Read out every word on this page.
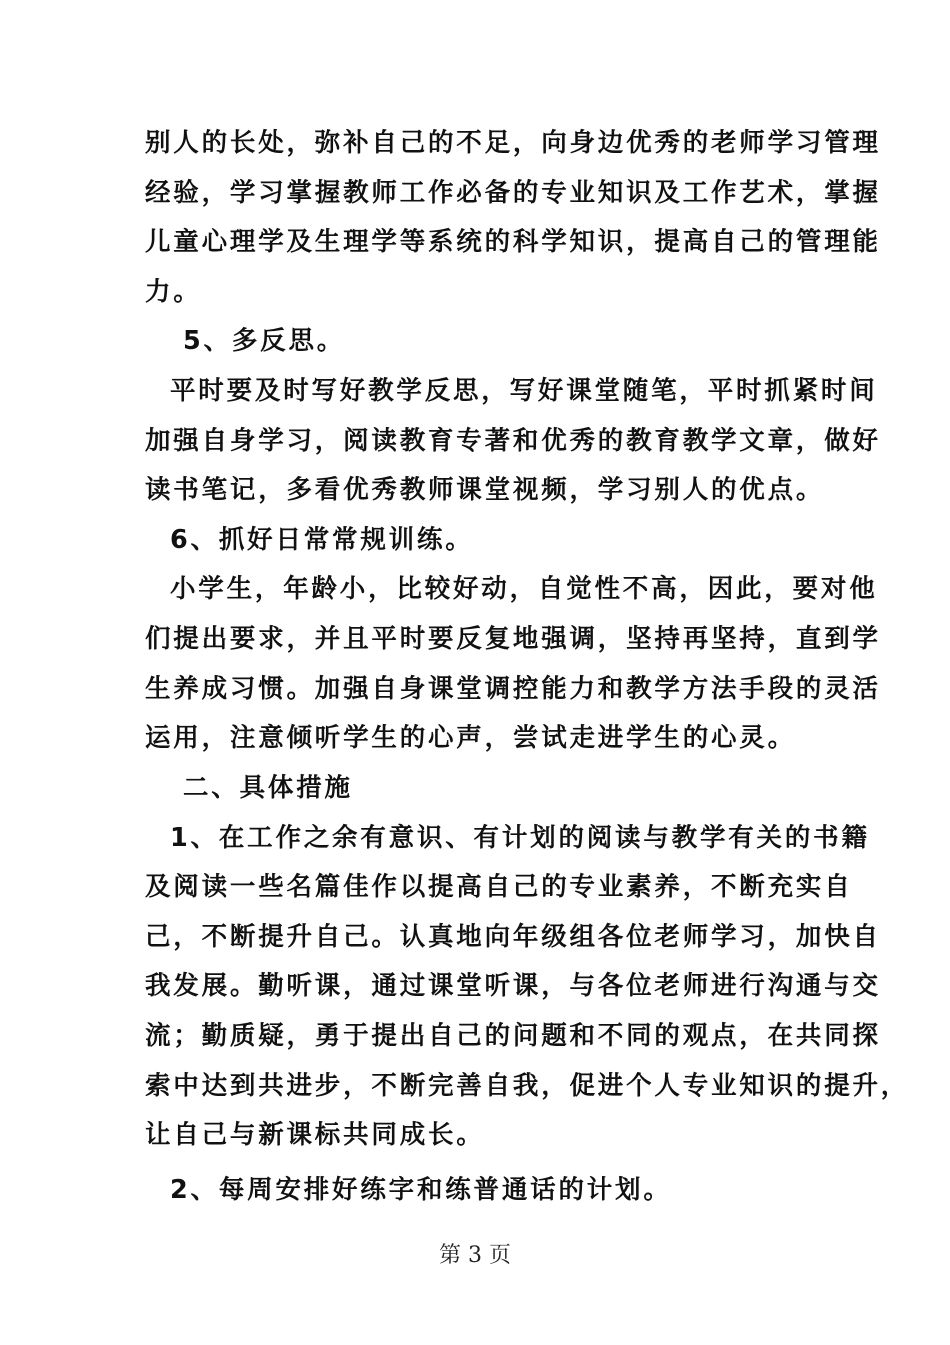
别人的长处，弥补自己的不足，向身边优秀的老师学习管理
经验，学习掌握教师工作必备的专业知识及工作艺术，掌握
儿童心理学及生理学等系统的科学知识，提高自己的管理能
力。
5、多反思。
平时要及时写好教学反思，写好课堂随笔，平时抓紧时间
加强自身学习，阅读教育专著和优秀的教育教学文章，做好
读书笔记，多看优秀教师课堂视频，学习别人的优点。
6、抓好日常常规训练。
小学生，年龄小，比较好动，自觉性不高，因此，要对他
们提出要求，并且平时要反复地强调，坚持再坚持，直到学
生养成习惯。加强自身课堂调控能力和教学方法手段的灵活
运用，注意倾听学生的心声，尝试走进学生的心灵。
二、具体措施
1、在工作之余有意识、有计划的阅读与教学有关的书籍
及阅读一些名篇佳作以提高自己的专业素养，不断充实自
己，不断提升自己。认真地向年级组各位老师学习，加快自
我发展。勤听课，通过课堂听课，与各位老师进行沟通与交
流；勤质疑，勇于提出自己的问题和不同的观点，在共同探
索中达到共进步，不断完善自我，促进个人专业知识的提升，
让自己与新课标共同成长。
2、每周安排好练字和练普通话的计划。
第 3 页
